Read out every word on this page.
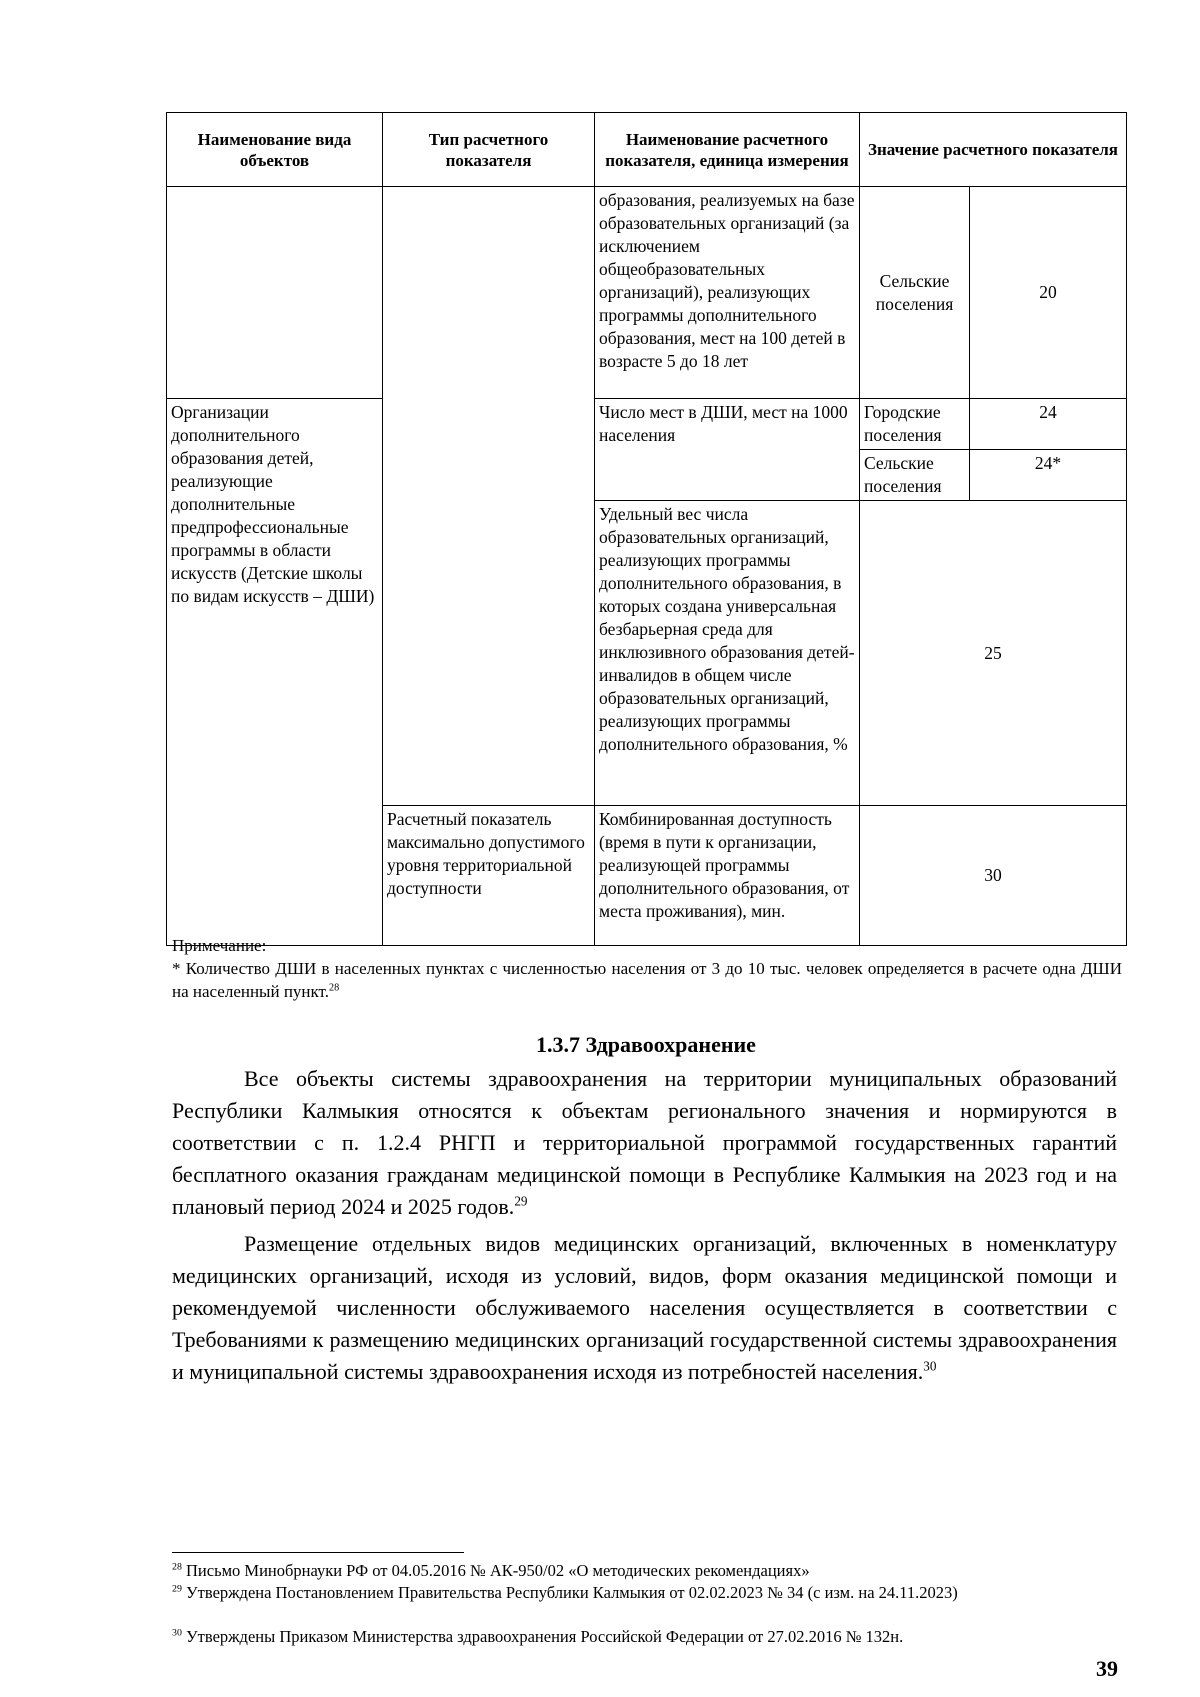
Наименование вида объектов	Тип расчетного показателя	Наименование расчетного показателя, единица измерения	Значение расчетного показателя	
		образования, реализуемых на базе образовательных организаций (за исключением общеобразовательных организаций), реализующих программы дополнительного образования, мест на 100 детей в возрасте 5 до 18 лет	Сельские поселения	20
Организации дополнительного образования детей, реализующие дополнительные предпрофессиональные программы в области искусств (Детские школы по видам искусств – ДШИ)		Число мест в ДШИ, мест на 1000 населения	Городские поселения	24
			Сельские поселения	24*
		Удельный вес числа образовательных организаций, реализующих программы дополнительного образования, в которых создана универсальная безбарьерная среда для инклюзивного образования детей-инвалидов в общем числе образовательных организаций, реализующих программы дополнительного образования, %	25	
	Расчетный показатель максимально допустимого уровня территориальной доступности	Комбинированная доступность (время в пути к организации, реализующей программы дополнительного образования, от места проживания), мин.	30	
Примечание:
* Количество ДШИ в населенных пунктах с численностью населения от 3 до 10 тыс. человек определяется в расчете одна ДШИ на населенный пункт.$^{28}$
1.3.7 Здравоохранение
Все объекты системы здравоохранения на территории муниципальных образований Республики Калмыкия относятся к объектам регионального значения и нормируются в соответствии с п. 1.2.4 РНГП и территориальной программой государственных гарантий бесплатного оказания гражданам медицинской помощи в Республике Калмыкия на 2023 год и на плановый период 2024 и 2025 годов.$^{29}$
Размещение отдельных видов медицинских организаций, включенных в номенклатуру медицинских организаций, исходя из условий, видов, форм оказания медицинской помощи и рекомендуемой численности обслуживаемого населения осуществляется в соответствии с Требованиями к размещению медицинских организаций государственной системы здравоохранения и муниципальной системы здравоохранения исходя из потребностей населения.$^{30}$
$^{28}$ Письмо Минобрнауки РФ от 04.05.2016 № АК-950/02 «О методических рекомендациях»
$^{29}$ Утверждена Постановлением Правительства Республики Калмыкия от 02.02.2023 № 34 (с изм. на 24.11.2023)
$^{30}$ Утверждены Приказом Министерства здравоохранения Российской Федерации от 27.02.2016 № 132н.
39
